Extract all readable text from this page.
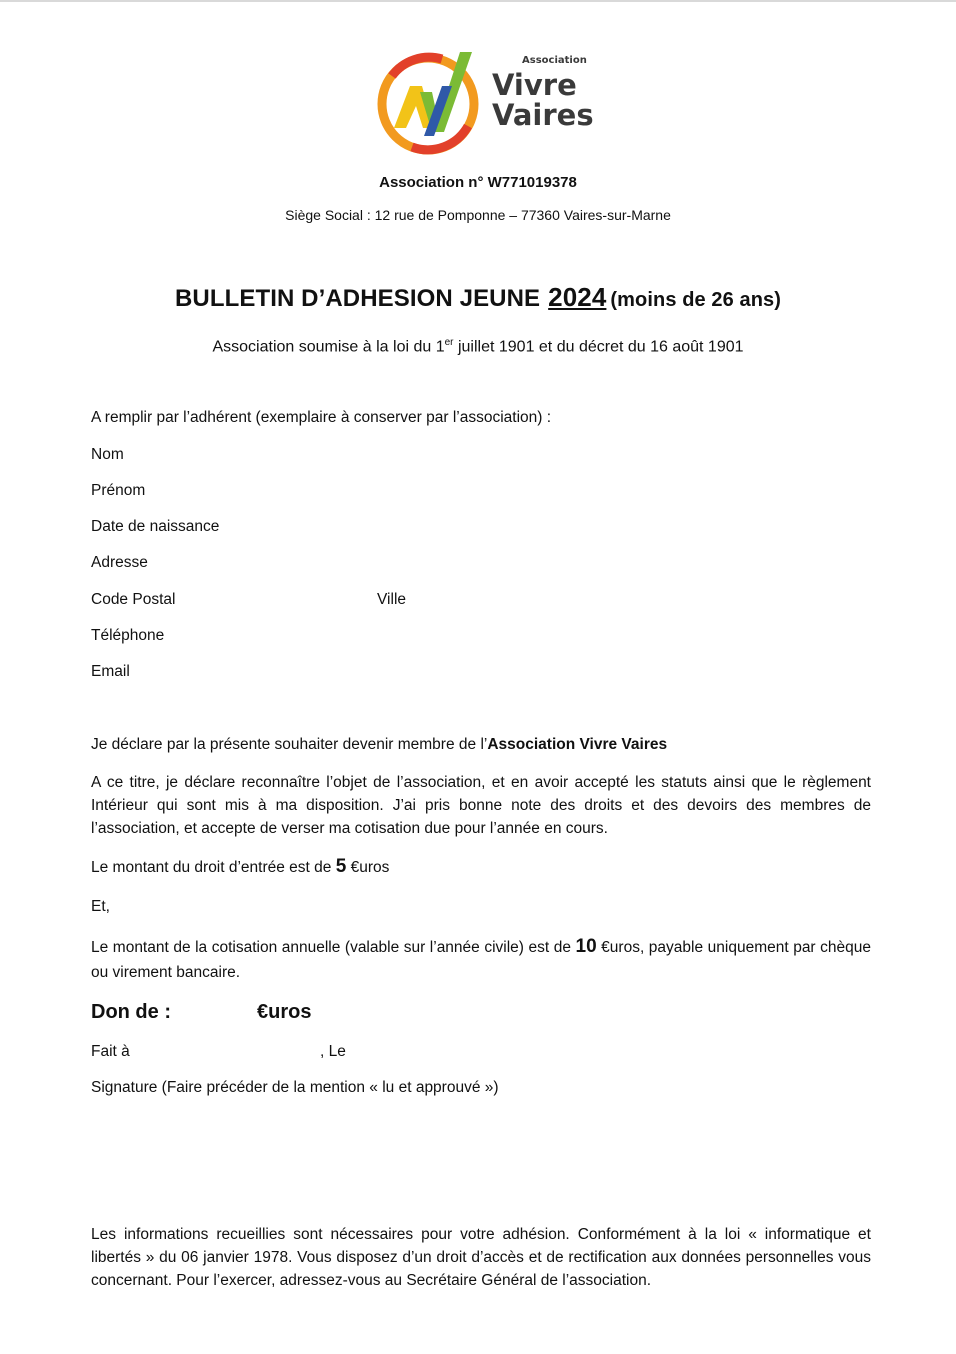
Association
Vivre
Vaires
Association n° W771019378
Siège Social : 12 rue de Pomponne – 77360 Vaires-sur-Marne
BULLETIN D’ADHESION JEUNE 2024 (moins de 26 ans)
Association soumise à la loi du 1er juillet 1901 et du décret du 16 août 1901
A remplir par l’adhérent (exemplaire à conserver par l’association) :
Nom
Prénom
Date de naissance
Adresse
Code Postal	Ville
Téléphone
Email
Je déclare par la présente souhaiter devenir membre de l’Association Vivre Vaires
A ce titre, je déclare reconnaître l’objet de l’association, et en avoir accepté les statuts ainsi que le règlement Intérieur qui sont mis à ma disposition. J’ai pris bonne note des droits et des devoirs des membres de l’association, et accepte de verser ma cotisation due pour l’année en cours.
Le montant du droit d’entrée est de 5 €uros
Et,
Le montant de la cotisation annuelle (valable sur l’année civile) est de 10 €uros, payable uniquement par chèque ou virement bancaire.
Don de :	€uros
Fait à	, Le
Signature (Faire précéder de la mention « lu et approuvé »)
Les informations recueillies sont nécessaires pour votre adhésion. Conformément à la loi « informatique et libertés » du 06 janvier 1978. Vous disposez d’un droit d’accès et de rectification aux données personnelles vous concernant. Pour l’exercer, adressez-vous au Secrétaire Général de l’association.
